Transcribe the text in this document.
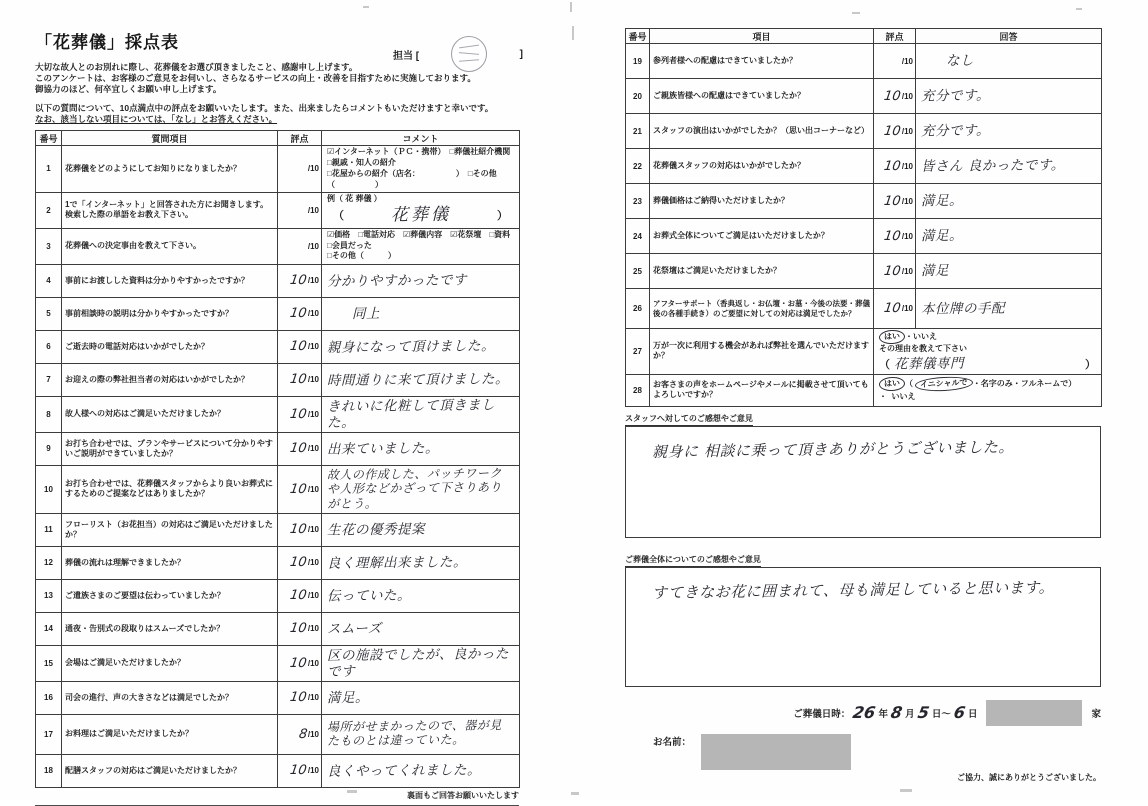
「花葬儀」採点表
担当 [	]
大切な故人とのお別れに際し、花葬儀をお選び頂きましたこと、感謝申し上げます。
このアンケートは、お客様のご意見をお伺いし、さらなるサービスの向上・改善を目指すために実施しております。
御協力のほど、何卒宜しくお願い申し上げます。
以下の質問について、10点満点中の評点をお願いいたします。また、出来ましたらコメントもいただけますと幸いです。
なお、該当しない項目については、「なし」とお答えください。
番号	質問項目	評点	コメント
1	花葬儀をどのようにしてお知りになりましたか？	/10	☑インターネット（ＰＣ・携帯）　□葬儀社紹介機関　□親戚・知人の紹介
□花屋からの紹介（店名：　　　　　）　□その他（　　　　　）

2	1で「インターネット」と回答された方にお聞きします。検索した際の単語をお教え下さい。	/10	例（ 花 葬儀 ）
（ 花葬儀 ）

3	花葬儀への決定事由を教えて下さい。	/10	☑価格　□電話対応　☑葬儀内容　☑花祭壇　□資料　□会員だった
□その他（　　　）

4	事前にお渡しした資料は分かりやすかったですか？	10 /10	分かりやすかったです
5	事前相談時の説明は分かりやすかったですか？	10 /10	同上
6	ご逝去時の電話対応はいかがでしたか？	10 /10	親身になって頂けました。
7	お迎えの際の弊社担当者の対応はいかがでしたか？	10 /10	時間通りに来て頂けました。
8	故人様への対応はご満足いただけましたか？	10 /10	きれいに化粧して頂きました。
9	お打ち合わせでは、プランやサービスについて分かりやすいご説明ができていましたか？	10 /10	出来ていました。
10	お打ち合わせでは、花葬儀スタッフからより良いお葬式にするためのご提案などはありましたか？	10 /10	故人の作成した、パッチワークや人形などかざって下さりありがとう。
11	フローリスト（お花担当）の対応はご満足いただけましたか？	10 /10	生花の優秀提案
12	葬儀の流れは理解できましたか？	10 /10	良く理解出来ました。
13	ご遺族さまのご要望は伝わっていましたか？	10 /10	伝っていた。
14	通夜・告別式の段取りはスムーズでしたか？	10 /10	スムーズ
15	会場はご満足いただけましたか？	10 /10	区の施設でしたが、良かったです
16	司会の進行、声の大きさなどは満足でしたか？	10 /10	満足。
17	お料理はご満足いただけましたか？	8 /10	場所がせまかったので、器が見たものとは違っていた。
18	配膳スタッフの対応はご満足いただけましたか？	10 /10	良くやってくれました。
裏面もご回答お願いいたします
番号	項目	評点	回答
19	参列者様への配慮はできていましたか？	/10	なし
20	ご親族皆様への配慮はできていましたか？	10 /10	充分です。
21	スタッフの演出はいかがでしたか？（思い出コーナーなど）	10 /10	充分です。
22	花葬儀スタッフの対応はいかがでしたか？	10 /10	皆さん 良かったです。
23	葬儀価格はご納得いただけましたか？	10 /10	満足。
24	お葬式全体についてご満足はいただけましたか？	10 /10	満足。
25	花祭壇はご満足いただけましたか？	10 /10	満足
26	アフターサポート（香典返し・お仏壇・お墓・今後の法要・葬儀後の各種手続き）のご要望に対しての対応は満足でしたか？	10 /10	本位牌の手配
27	万が一次に利用する機会があれば弊社を選んでいただけますか？	はい ・いいえ
その理由を教えて下さい
（ 花葬儀専門 ）	

28	お客さまの声をホームページやメールに掲載させて頂いてもよろしいですか？	はい （ イニシャルで ・名字のみ・フルネームで） ・ いいえ	
スタッフへ対してのご感想やご意見
親身に 相談に乗って頂きありがとうございました。
ご葬儀全体についてのご感想やご意見
すてきなお花に囲まれて、母も満足していると思います。
ご葬儀日時： 26 年 8 月 5 日～ 6 日	家
お名前：
ご協力、誠にありがとうございました。
